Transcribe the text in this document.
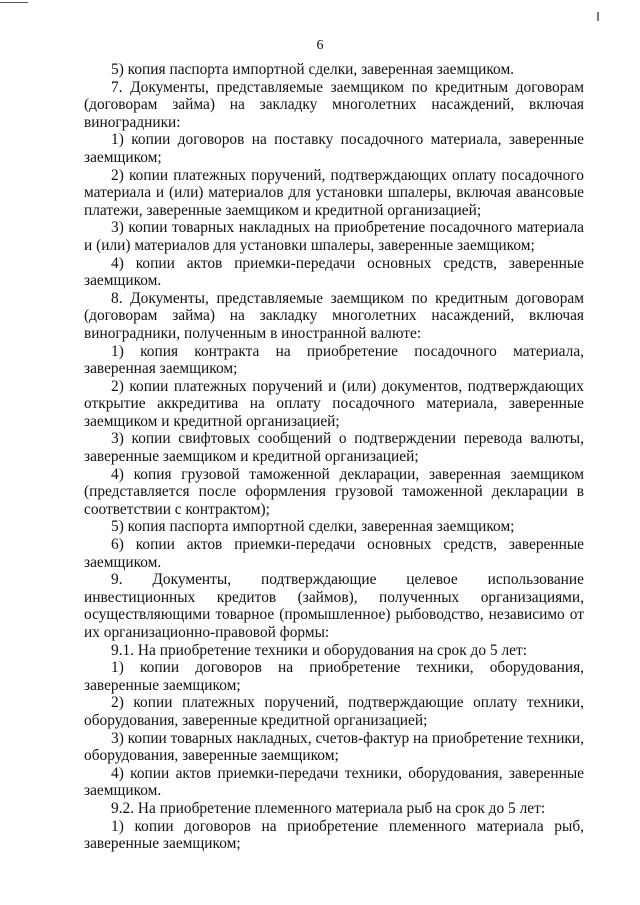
6

5) копия паспорта импортной сделки, заверенная заемщиком.

7. Документы, представляемые заемщиком по кредитным договорам (договорам займа) на закладку многолетних насаждений, включая виноградники:

1) копии договоров на поставку посадочного материала, заверенные заемщиком;

2) копии платежных поручений, подтверждающих оплату посадочного материала и (или) материалов для установки шпалеры, включая авансовые платежи, заверенные заемщиком и кредитной организацией;

3) копии товарных накладных на приобретение посадочного материала и (или) материалов для установки шпалеры, заверенные заемщиком;

4) копии актов приемки-передачи основных средств, заверенные заемщиком.

8. Документы, представляемые заемщиком по кредитным договорам (договорам займа) на закладку многолетних насаждений, включая виноградники, полученным в иностранной валюте:

1) копия контракта на приобретение посадочного материала, заверенная заемщиком;

2) копии платежных поручений и (или) документов, подтверждающих открытие аккредитива на оплату посадочного материала, заверенные заемщиком и кредитной организацией;

3) копии свифтовых сообщений о подтверждении перевода валюты, заверенные заемщиком и кредитной организацией;

4) копия грузовой таможенной декларации, заверенная заемщиком (представляется после оформления грузовой таможенной декларации в соответствии с контрактом);

5) копия паспорта импортной сделки, заверенная заемщиком;

6) копии актов приемки-передачи основных средств, заверенные заемщиком.

9. Документы, подтверждающие целевое использование инвестиционных кредитов (займов), полученных организациями, осуществляющими товарное (промышленное) рыбоводство, независимо от их организационно-правовой формы:

9.1. На приобретение техники и оборудования на срок до 5 лет:

1) копии договоров на приобретение техники, оборудования, заверенные заемщиком;

2) копии платежных поручений, подтверждающие оплату техники, оборудования, заверенные кредитной организацией;

3) копии товарных накладных, счетов-фактур на приобретение техники, оборудования, заверенные заемщиком;

4) копии актов приемки-передачи техники, оборудования, заверенные заемщиком.

9.2. На приобретение племенного материала рыб на срок до 5 лет:

1) копии договоров на приобретение племенного материала рыб, заверенные заемщиком;
